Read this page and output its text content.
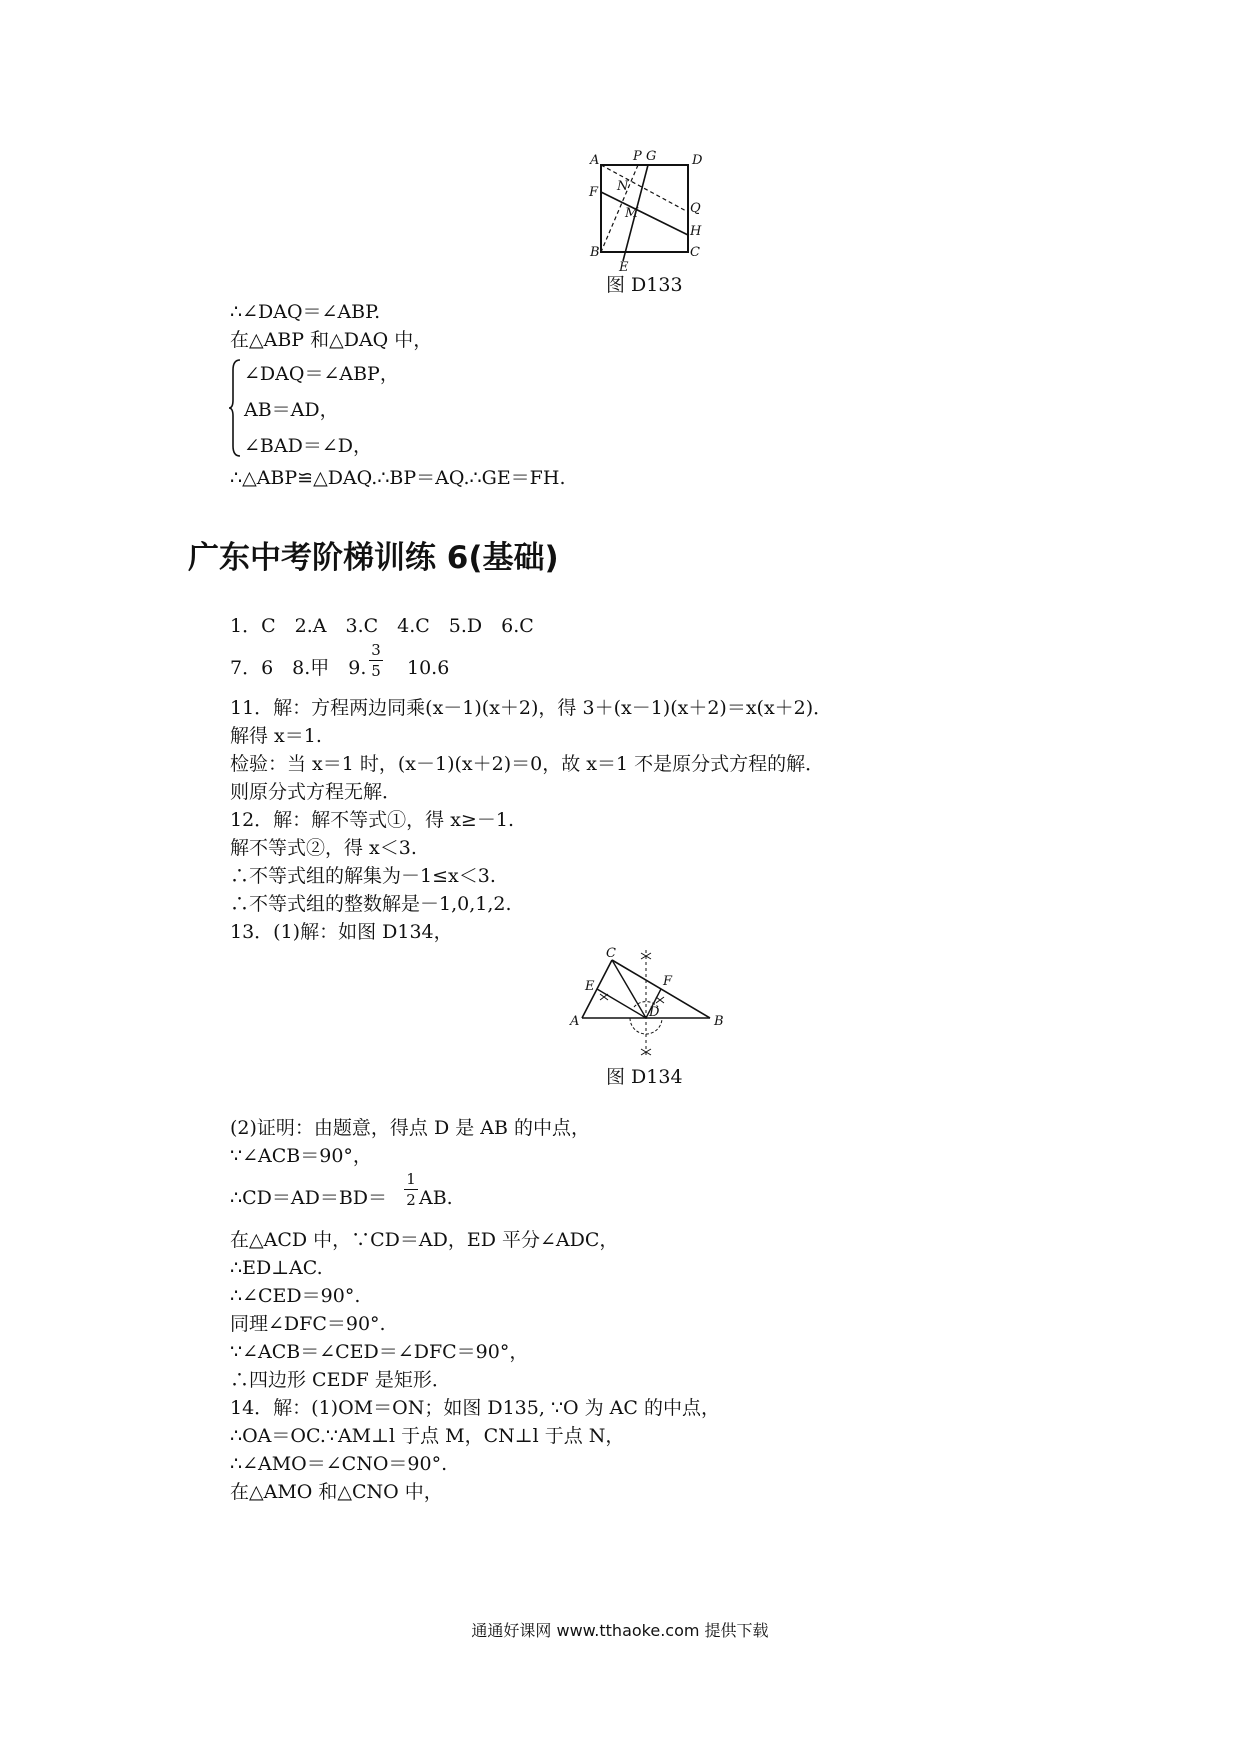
A	P G	D
F N
M	Q
H
B
E
C
图 D133
∴∠DAQ＝∠ABP.
在△ABP 和△DAQ 中，
∠DAQ＝∠ABP，
AB＝AD，
∠BAD＝∠D，
∴△ABP≌△DAQ.∴BP＝AQ.∴GE＝FH.
广东中考阶梯训练 6(基础)
1．C　2.A　3.C　4.C　5.D　6.C
7．6　8.甲　9.
3
5 10.6
11．解：方程两边同乘(x－1)(x＋2)，得 3＋(x－1)(x＋2)＝x(x＋2)．
解得 x＝1.
检验：当 x＝1 时，(x－1)(x＋2)＝0，故 x＝1 不是原分式方程的解．
则原分式方程无解．
12．解：解不等式①，得 x≥－1.
解不等式②，得 x＜3.
∴不等式组的解集为－1≤x＜3.
∴不等式组的整数解是－1,0,1,2.
13．(1)解：如图 D134，
C
E	F
A
D
B
图 D134
(2)证明：由题意，得点 D 是 AB 的中点，
∵∠ACB＝90°，
∴CD＝AD＝BD＝
1
2 AB.
在△ACD 中，∵CD＝AD，ED 平分∠ADC，
∴ED⊥AC.
∴∠CED＝90°.
同理∠DFC＝90°.
∵∠ACB＝∠CED＝∠DFC＝90°，
∴四边形 CEDF 是矩形．
14．解：(1)OM＝ON；如图 D135, ∵O 为 AC 的中点，
∴OA＝OC.∵AM⊥l 于点 M，CN⊥l 于点 N，
∴∠AMO＝∠CNO＝90°.
在△AMO 和△CNO 中，
通通好课网 www.tthaoke.com 提供下载
